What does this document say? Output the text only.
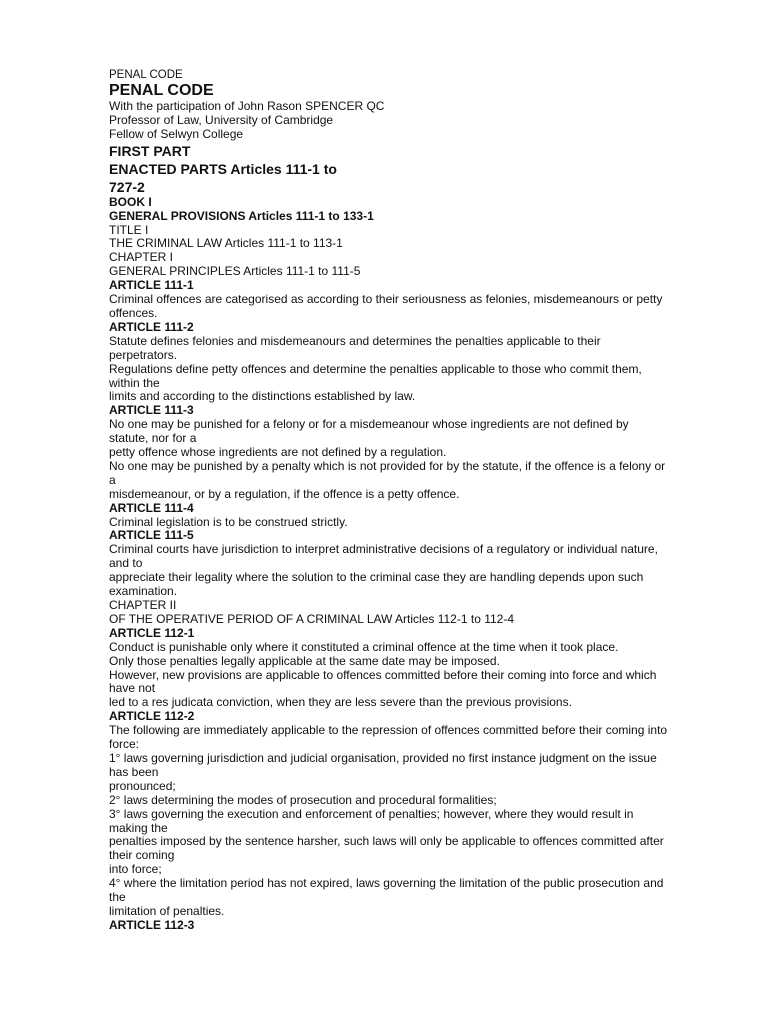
PENAL CODE
PENAL CODE
With the participation of John Rason SPENCER QC
Professor of Law, University of Cambridge
Fellow of Selwyn College
FIRST PART
ENACTED PARTS Articles 111-1 to
727-2
BOOK I
GENERAL PROVISIONS Articles 111-1 to 133-1
TITLE I
THE CRIMINAL LAW Articles 111-1 to 113-1
CHAPTER I
GENERAL PRINCIPLES Articles 111-1 to 111-5
ARTICLE 111-1
Criminal offences are categorised as according to their seriousness as felonies, misdemeanours or petty
offences.
ARTICLE 111-2
Statute defines felonies and misdemeanours and determines the penalties applicable to their
perpetrators.
Regulations define petty offences and determine the penalties applicable to those who commit them,
within the
limits and according to the distinctions established by law.
ARTICLE 111-3
No one may be punished for a felony or for a misdemeanour whose ingredients are not defined by
statute, nor for a
petty offence whose ingredients are not defined by a regulation.
No one may be punished by a penalty which is not provided for by the statute, if the offence is a felony or
a
misdemeanour, or by a regulation, if the offence is a petty offence.
ARTICLE 111-4
Criminal legislation is to be construed strictly.
ARTICLE 111-5
Criminal courts have jurisdiction to interpret administrative decisions of a regulatory or individual nature,
and to
appreciate their legality where the solution to the criminal case they are handling depends upon such
examination.
CHAPTER II
OF THE OPERATIVE PERIOD OF A CRIMINAL LAW Articles 112-1 to 112-4
ARTICLE 112-1
Conduct is punishable only where it constituted a criminal offence at the time when it took place.
Only those penalties legally applicable at the same date may be imposed.
However, new provisions are applicable to offences committed before their coming into force and which
have not
led to a res judicata conviction, when they are less severe than the previous provisions.
ARTICLE 112-2
The following are immediately applicable to the repression of offences committed before their coming into
force:
1° laws governing jurisdiction and judicial organisation, provided no first instance judgment on the issue
has been
pronounced;
2° laws determining the modes of prosecution and procedural formalities;
3° laws governing the execution and enforcement of penalties; however, where they would result in
making the
penalties imposed by the sentence harsher, such laws will only be applicable to offences committed after
their coming
into force;
4° where the limitation period has not expired, laws governing the limitation of the public prosecution and
the
limitation of penalties.
ARTICLE 112-3
